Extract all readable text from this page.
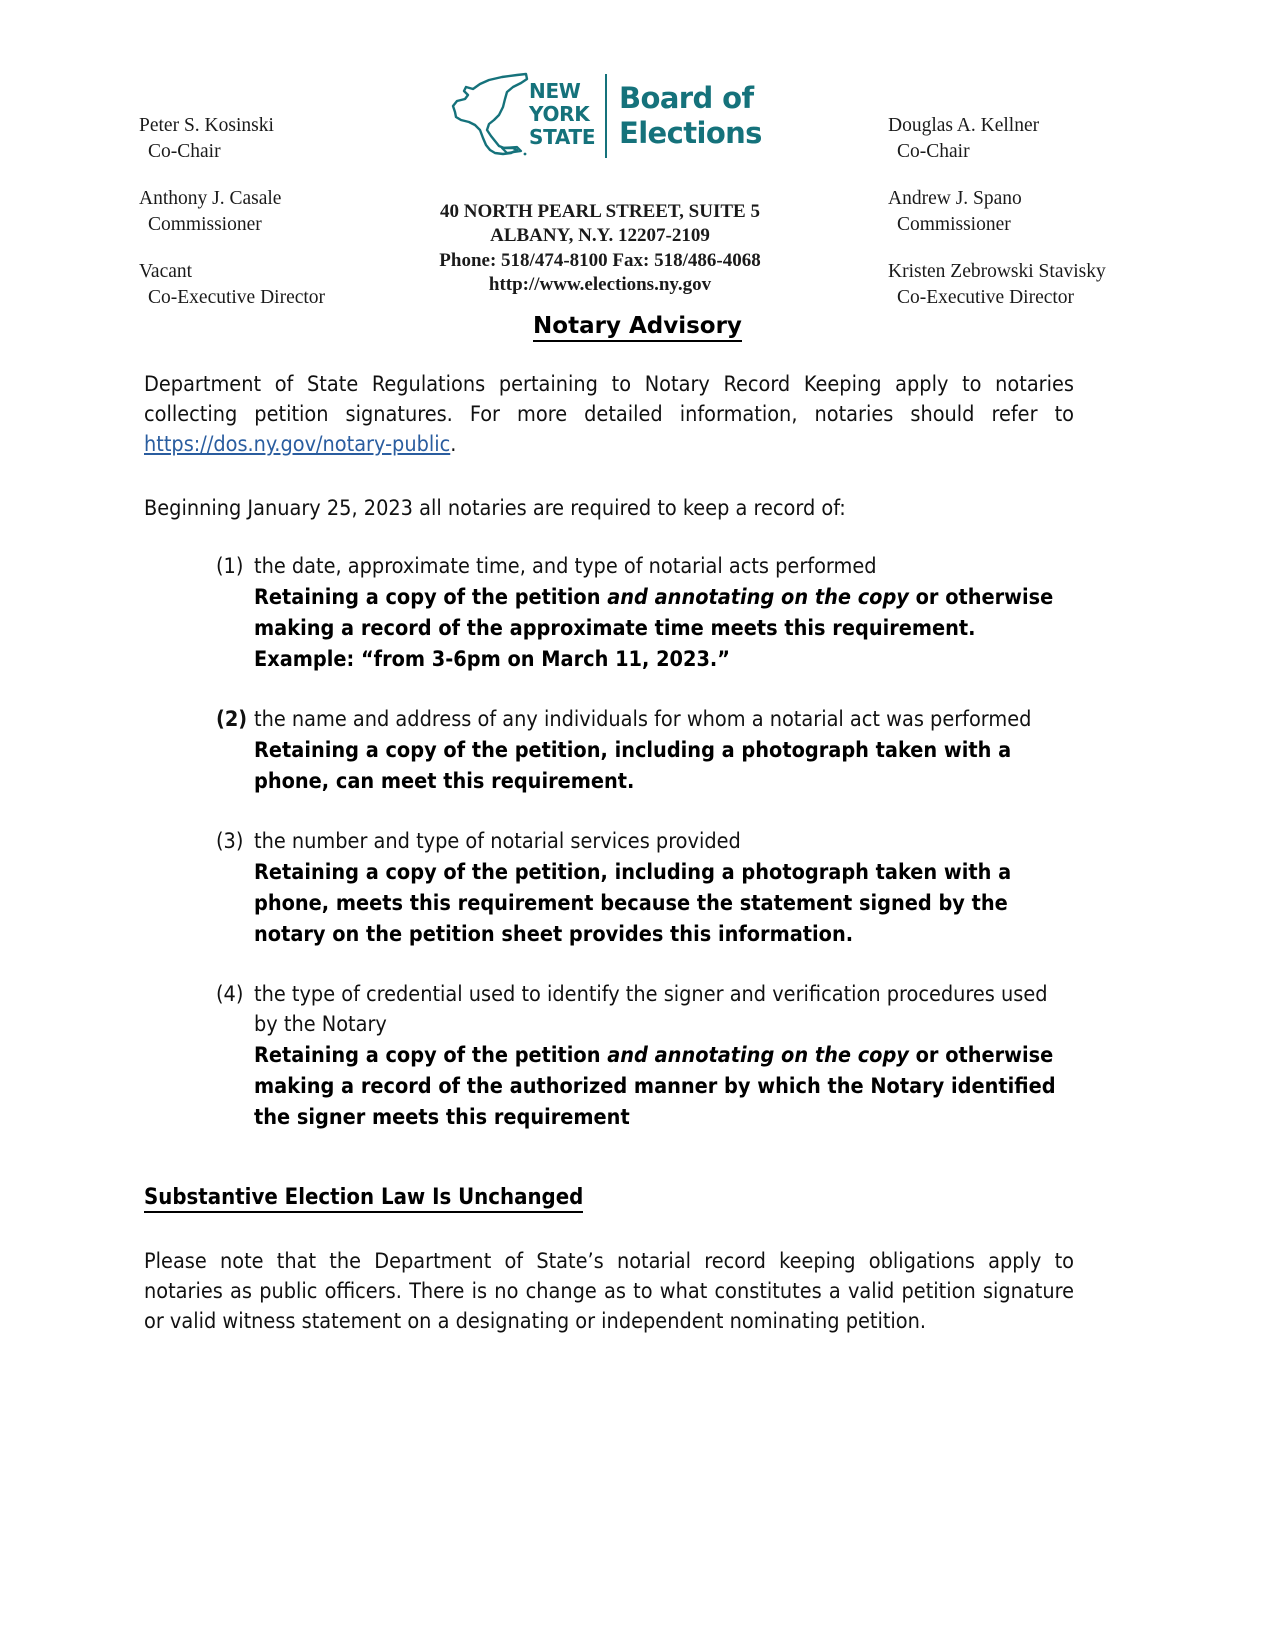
Peter S. Kosinski
Co-Chair
Anthony J. Casale
Commissioner
Vacant
Co-Executive Director
Douglas A. Kellner
Co-Chair
Andrew J. Spano
Commissioner
Kristen Zebrowski Stavisky
Co-Executive Director
NEW
YORK
STATE
Board of
Elections
40 NORTH PEARL STREET, SUITE 5
ALBANY, N.Y. 12207-2109
Phone: 518/474-8100 Fax: 518/486-4068
http://www.elections.ny.gov
Notary Advisory

Department of State Regulations pertaining to Notary Record Keeping apply to notaries collecting petition signatures. For more detailed information, notaries should refer to https://dos.ny.gov/notary-public.

Beginning January 25, 2023 all notaries are required to keep a record of:

(1) the date, approximate time, and type of notarial acts performed

Retaining a copy of the petition and annotating on the copy or otherwise making a record of the approximate time meets this requirement. Example: “from 3-6pm on March 11, 2023.”

(2) the name and address of any individuals for whom a notarial act was performed

Retaining a copy of the petition, including a photograph taken with a phone, can meet this requirement.

(3) the number and type of notarial services provided

Retaining a copy of the petition, including a photograph taken with a phone, meets this requirement because the statement signed by the notary on the petition sheet provides this information.

(4) the type of credential used to identify the signer and verification procedures used by the Notary

Retaining a copy of the petition and annotating on the copy or otherwise making a record of the authorized manner by which the Notary identified the signer meets this requirement

Substantive Election Law Is Unchanged

Please note that the Department of State’s notarial record keeping obligations apply to notaries as public officers. There is no change as to what constitutes a valid petition signature or valid witness statement on a designating or independent nominating petition.
